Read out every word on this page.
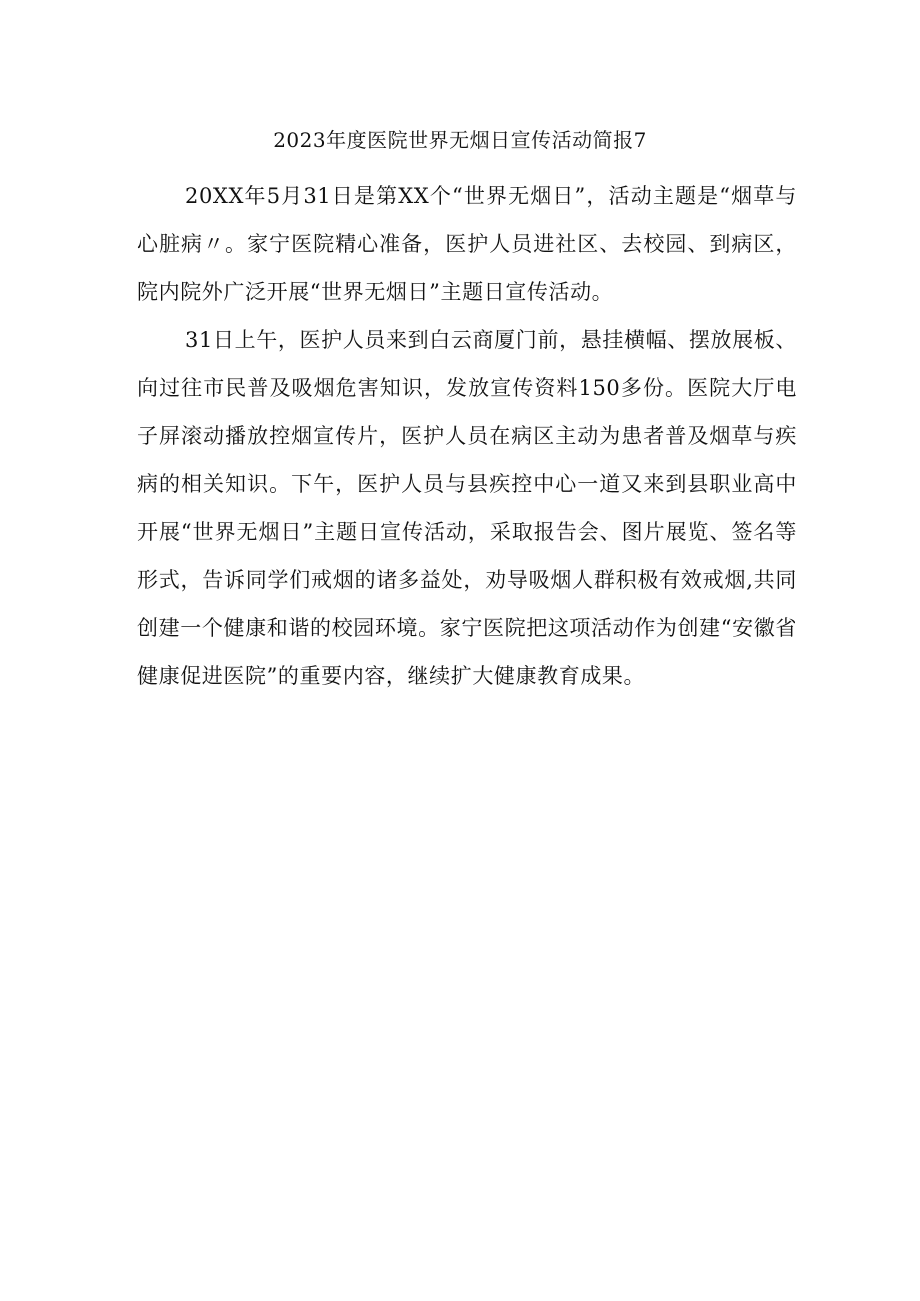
2023年度医院世界无烟日宣传活动简报7

20XX年5月31日是第XX个“世界无烟日”，活动主题是“烟草与心脏病〃。家宁医院精心准备，医护人员进社区、去校园、到病区，院内院外广泛开展“世界无烟日”主题日宣传活动。

31日上午，医护人员来到白云商厦门前，悬挂横幅、摆放展板、向过往市民普及吸烟危害知识，发放宣传资料150多份。医院大厅电子屏滚动播放控烟宣传片，医护人员在病区主动为患者普及烟草与疾病的相关知识。下午，医护人员与县疾控中心一道又来到县职业高中开展“世界无烟日”主题日宣传活动，采取报告会、图片展览、签名等形式，告诉同学们戒烟的诸多益处，劝导吸烟人群积极有效戒烟,共同创建一个健康和谐的校园环境。家宁医院把这项活动作为创建“安徽省健康促进医院”的重要内容，继续扩大健康教育成果。
